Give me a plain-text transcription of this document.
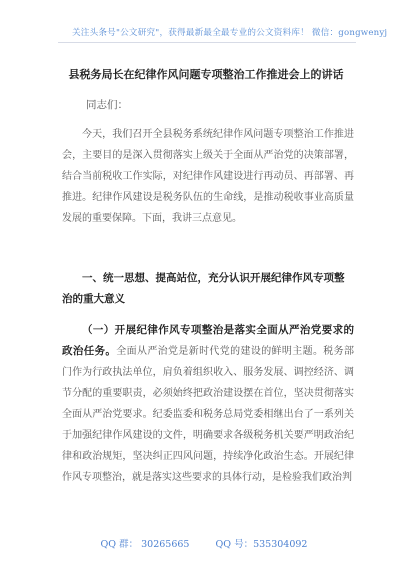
关注头条号"公文研究"，获得最新最全最专业的公文资料库！ 微信：gongwenyj
县税务局长在纪律作风问题专项整治工作推进会上的讲话
同志们：

今天，我们召开全县税务系统纪律作风问题专项整治工作推进会，主要目的是深入贯彻落实上级关于全面从严治党的决策部署，结合当前税收工作实际，对纪律作风建设进行再动员、再部署、再推进。纪律作风建设是税务队伍的生命线，是推动税收事业高质量发展的重要保障。下面，我讲三点意见。

一、统一思想、提高站位，充分认识开展纪律作风专项整治的重大意义

（一）开展纪律作风专项整治是落实全面从严治党要求的政治任务。全面从严治党是新时代党的建设的鲜明主题。税务部门作为行政执法单位，肩负着组织收入、服务发展、调控经济、调节分配的重要职责，必须始终把政治建设摆在首位，坚决贯彻落实全面从严治党要求。纪委监委和税务总局党委相继出台了一系列关于加强纪律作风建设的文件，明确要求各级税务机关要严明政治纪律和政治规矩，坚决纠正四风问题，持续净化政治生态。开展纪律作风专项整治，就是落实这些要求的具体行动，是检验我们政治判

QQ 群： 30265665	QQ 号：535304092
